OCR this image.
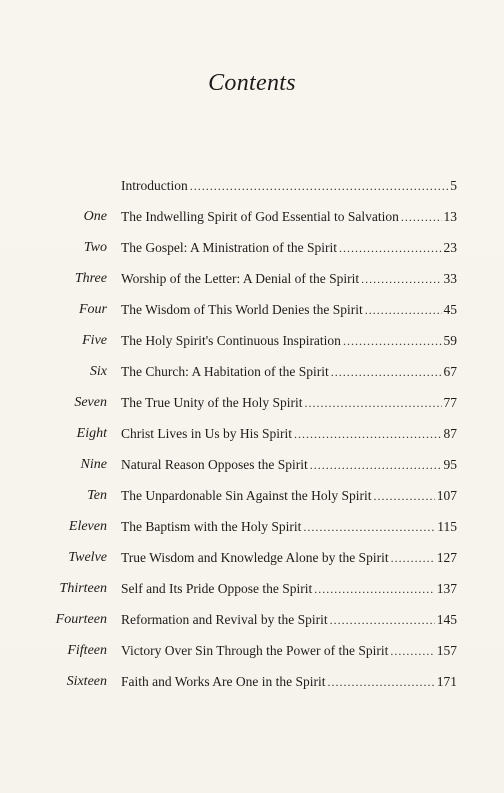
Contents
Introduction .....	5
One The Indwelling Spirit of God Essential to Salvation .....	13
Two The Gospel: A Ministration of the Spirit .....	23
Three Worship of the Letter: A Denial of the Spirit .....	33
Four The Wisdom of This World Denies the Spirit .....	45
Five The Holy Spirit's Continuous Inspiration .....	59
Six The Church: A Habitation of the Spirit .....	67
Seven The True Unity of the Holy Spirit .....	77
Eight Christ Lives in Us by His Spirit .....	87
Nine Natural Reason Opposes the Spirit .....	95
Ten The Unpardonable Sin Against the Holy Spirit .....	107
Eleven The Baptism with the Holy Spirit .....	115
Twelve True Wisdom and Knowledge Alone by the Spirit .....	127
Thirteen Self and Its Pride Oppose the Spirit .....	137
Fourteen Reformation and Revival by the Spirit .....	145
Fifteen Victory Over Sin Through the Power of the Spirit .....	157
Sixteen Faith and Works Are One in the Spirit .....	171
